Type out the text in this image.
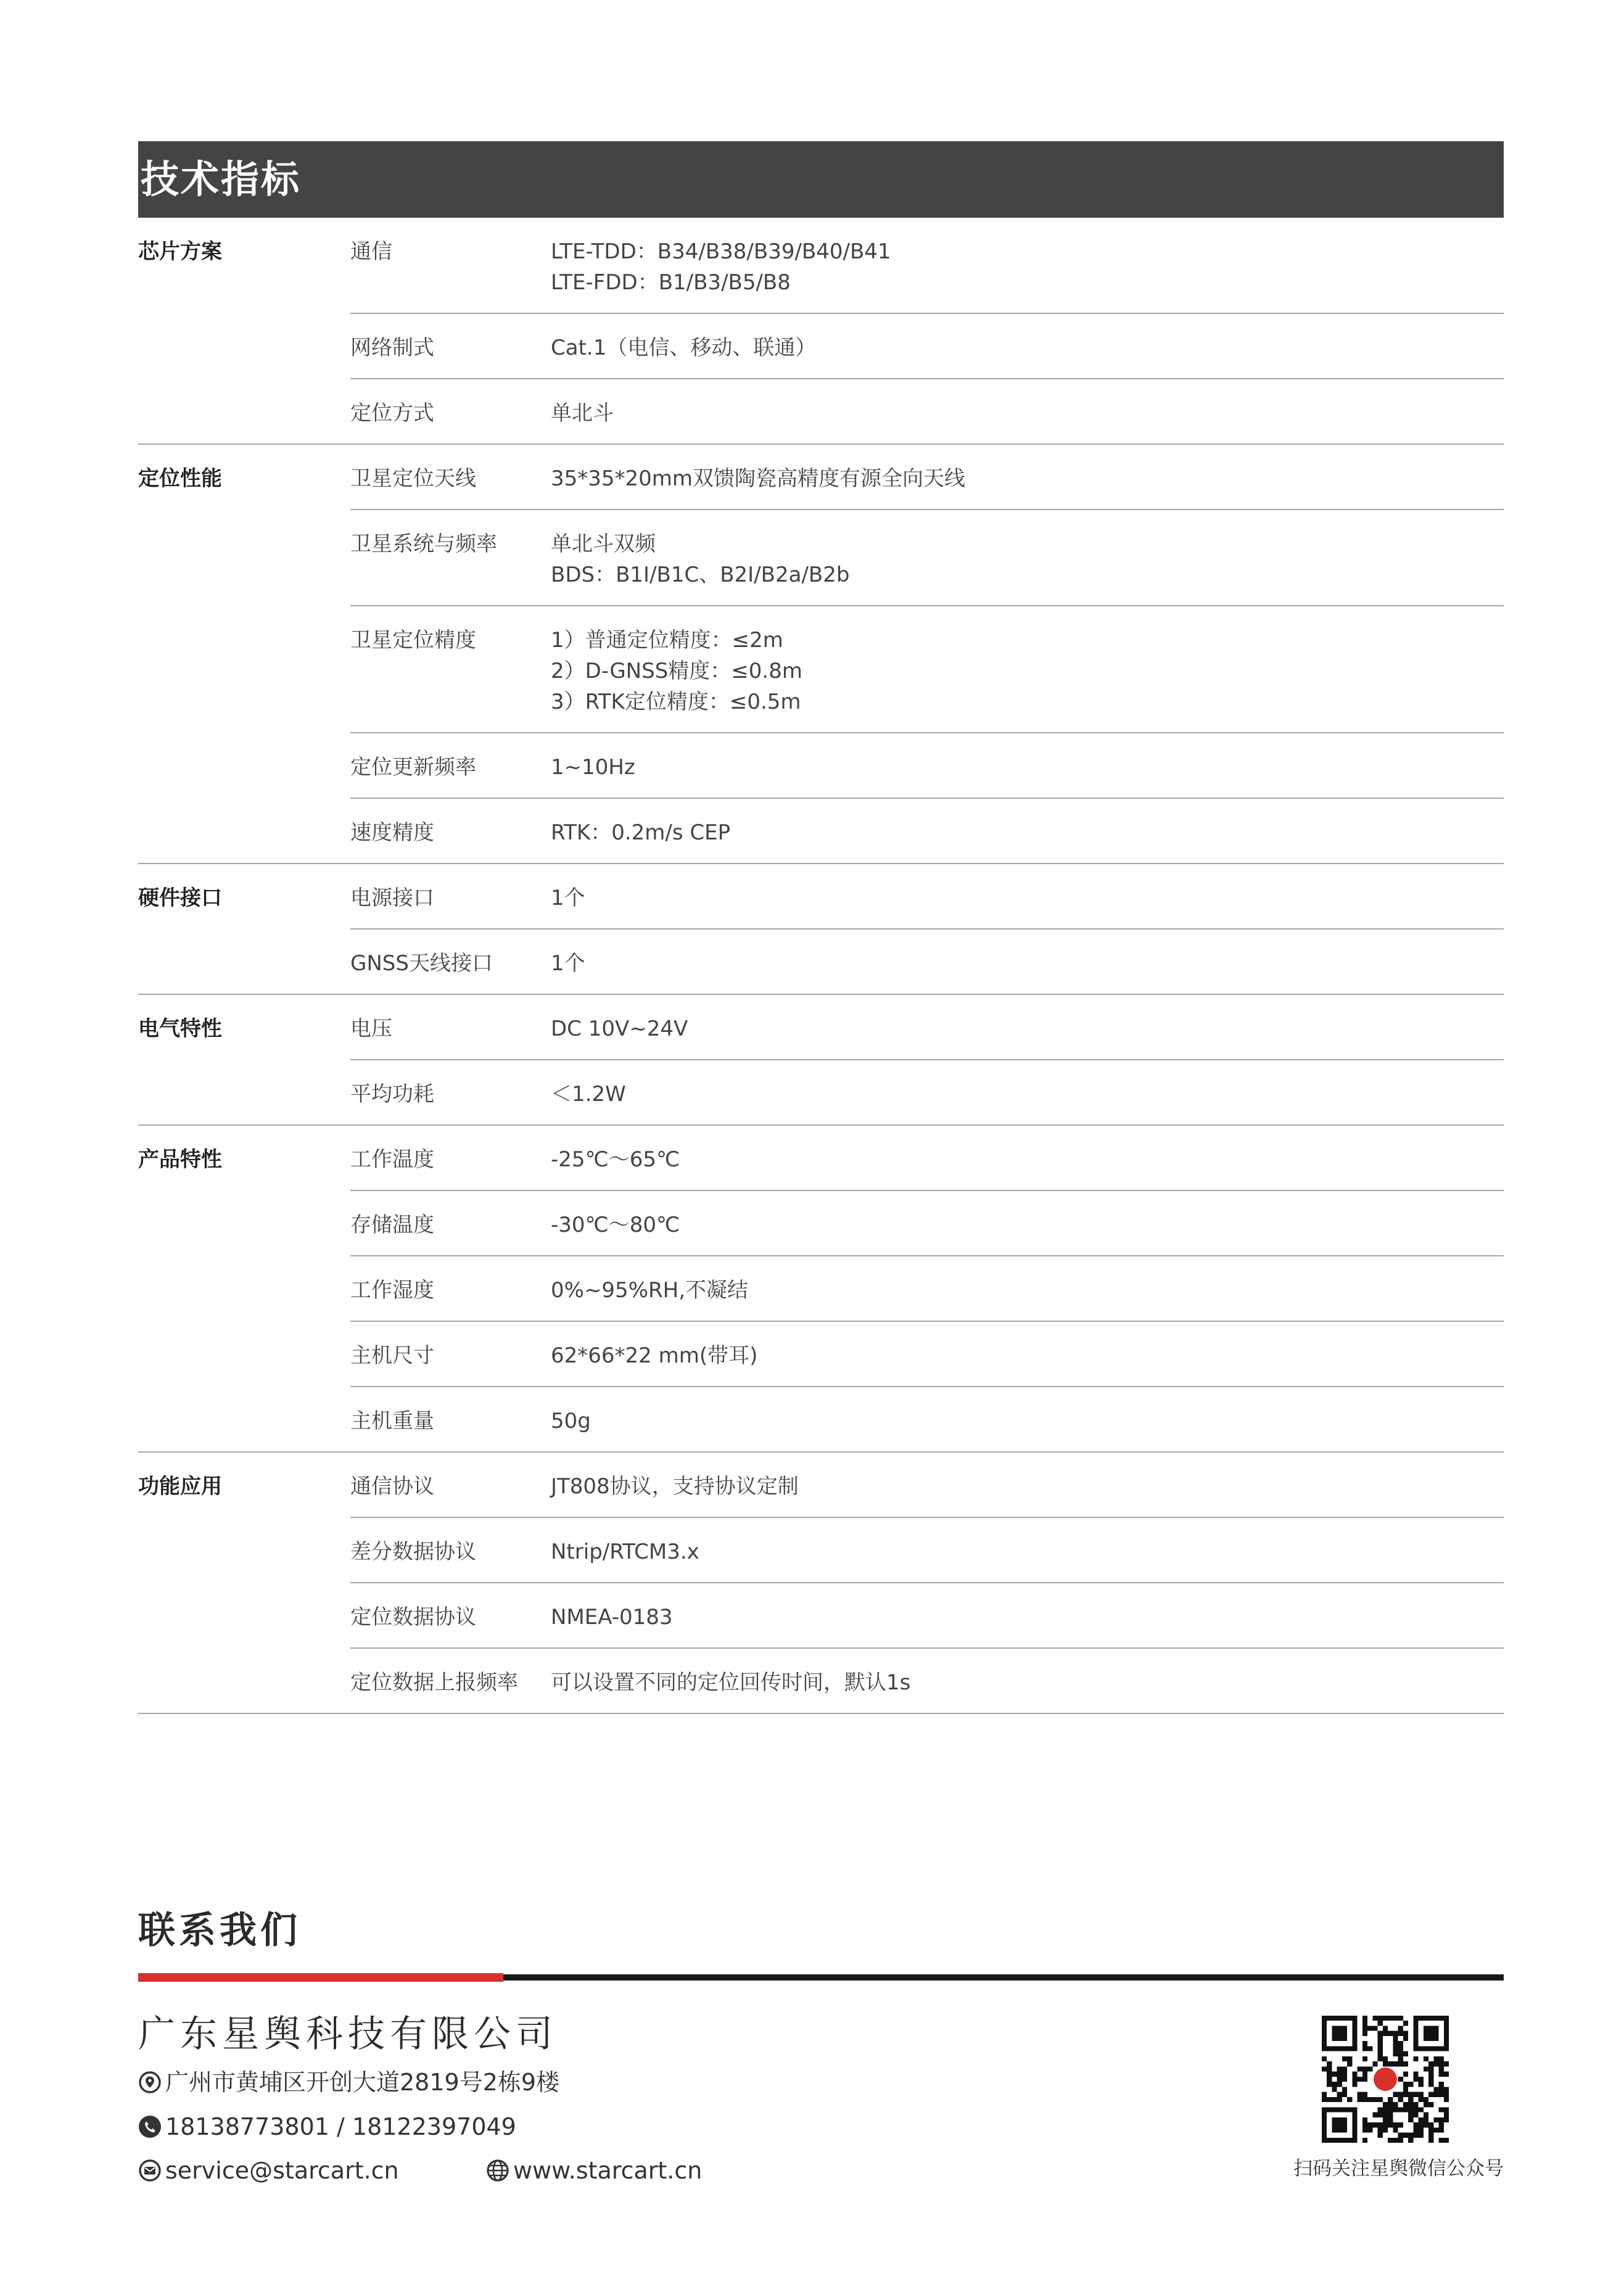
技术指标
芯片方案	通信	LTE-TDD：B34/B38/B39/B40/B41
LTE-FDD：B1/B3/B5/B8
网络制式	Cat.1（电信、移动、联通）
定位方式	单北斗
定位性能	卫星定位天线	35*35*20mm双馈陶瓷高精度有源全向天线
卫星系统与频率	单北斗双频
BDS：B1I/B1C、B2I/B2a/B2b
卫星定位精度	1）普通定位精度：≤2m
2）D-GNSS精度：≤0.8m
3）RTK定位精度：≤0.5m
定位更新频率	1~10Hz
速度精度	RTK：0.2m/s CEP
硬件接口	电源接口	1个
GNSS天线接口	1个
电气特性	电压	DC 10V~24V
平均功耗	＜1.2W
产品特性	工作温度	-25℃～65℃
存储温度	-30℃～80℃
工作湿度	0%~95%RH,不凝结
主机尺寸	62*66*22 mm(带耳)
主机重量	50g
功能应用	通信协议	JT808协议，支持协议定制
差分数据协议	Ntrip/RTCM3.x
定位数据协议	NMEA-0183
定位数据上报频率	可以设置不同的定位回传时间，默认1s
联系我们
广东星舆科技有限公司
广州市黄埔区开创大道2819号2栋9楼
18138773801 / 18122397049
service@starcart.cn	www.starcart.cn	扫码关注星舆微信公众号
